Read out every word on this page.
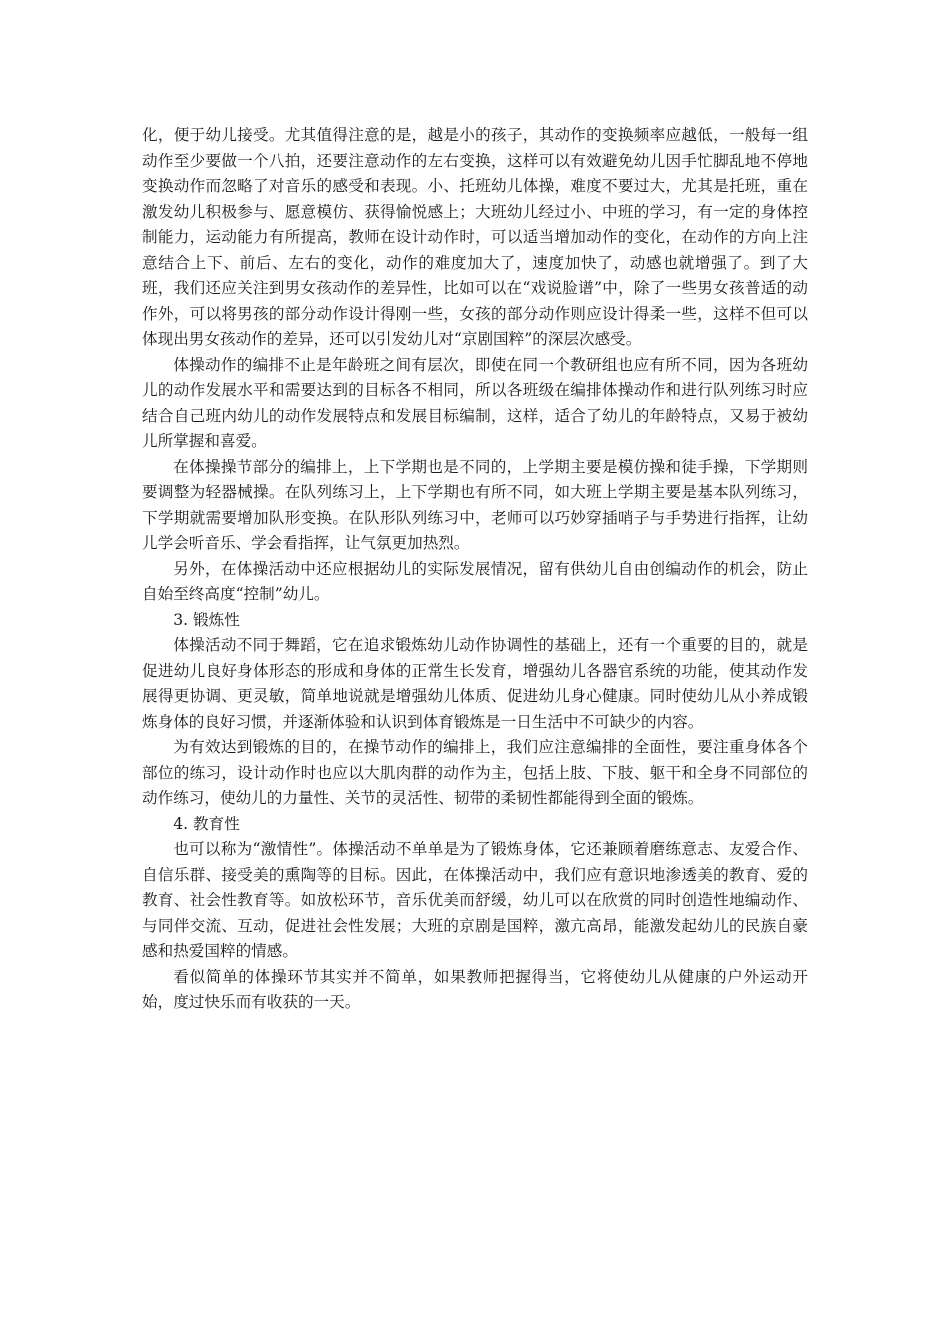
化，便于幼儿接受。尤其值得注意的是，越是小的孩子，其动作的变换频率应越低，一般每一组动作至少要做一个八拍，还要注意动作的左右变换，这样可以有效避免幼儿因手忙脚乱地不停地变换动作而忽略了对音乐的感受和表现。小、托班幼儿体操，难度不要过大，尤其是托班，重在激发幼儿积极参与、愿意模仿、获得愉悦感上；大班幼儿经过小、中班的学习，有一定的身体控制能力，运动能力有所提高，教师在设计动作时，可以适当增加动作的变化，在动作的方向上注意结合上下、前后、左右的变化，动作的难度加大了，速度加快了，动感也就增强了。到了大班，我们还应关注到男女孩动作的差异性，比如可以在“戏说脸谱”中，除了一些男女孩普适的动作外，可以将男孩的部分动作设计得刚一些，女孩的部分动作则应设计得柔一些，这样不但可以体现出男女孩动作的差异，还可以引发幼儿对“京剧国粹”的深层次感受。

体操动作的编排不止是年龄班之间有层次，即使在同一个教研组也应有所不同，因为各班幼儿的动作发展水平和需要达到的目标各不相同，所以各班级在编排体操动作和进行队列练习时应结合自己班内幼儿的动作发展特点和发展目标编制，这样，适合了幼儿的年龄特点，又易于被幼儿所掌握和喜爱。

在体操操节部分的编排上，上下学期也是不同的，上学期主要是模仿操和徒手操，下学期则要调整为轻器械操。在队列练习上，上下学期也有所不同，如大班上学期主要是基本队列练习，下学期就需要增加队形变换。在队形队列练习中，老师可以巧妙穿插哨子与手势进行指挥，让幼儿学会听音乐、学会看指挥，让气氛更加热烈。

另外，在体操活动中还应根据幼儿的实际发展情况，留有供幼儿自由创编动作的机会，防止自始至终高度“控制”幼儿。

3. 锻炼性

体操活动不同于舞蹈，它在追求锻炼幼儿动作协调性的基础上，还有一个重要的目的，就是促进幼儿良好身体形态的形成和身体的正常生长发育，增强幼儿各器官系统的功能，使其动作发展得更协调、更灵敏，简单地说就是增强幼儿体质、促进幼儿身心健康。同时使幼儿从小养成锻炼身体的良好习惯，并逐渐体验和认识到体育锻炼是一日生活中不可缺少的内容。

为有效达到锻炼的目的，在操节动作的编排上，我们应注意编排的全面性，要注重身体各个部位的练习，设计动作时也应以大肌肉群的动作为主，包括上肢、下肢、躯干和全身不同部位的动作练习，使幼儿的力量性、关节的灵活性、韧带的柔韧性都能得到全面的锻炼。

4. 教育性

也可以称为“激情性”。体操活动不单单是为了锻炼身体，它还兼顾着磨练意志、友爱合作、自信乐群、接受美的熏陶等的目标。因此，在体操活动中，我们应有意识地渗透美的教育、爱的教育、社会性教育等。如放松环节，音乐优美而舒缓，幼儿可以在欣赏的同时创造性地编动作、与同伴交流、互动，促进社会性发展；大班的京剧是国粹，激亢高昂，能激发起幼儿的民族自豪感和热爱国粹的情感。

看似简单的体操环节其实并不简单，如果教师把握得当，它将使幼儿从健康的户外运动开始，度过快乐而有收获的一天。
